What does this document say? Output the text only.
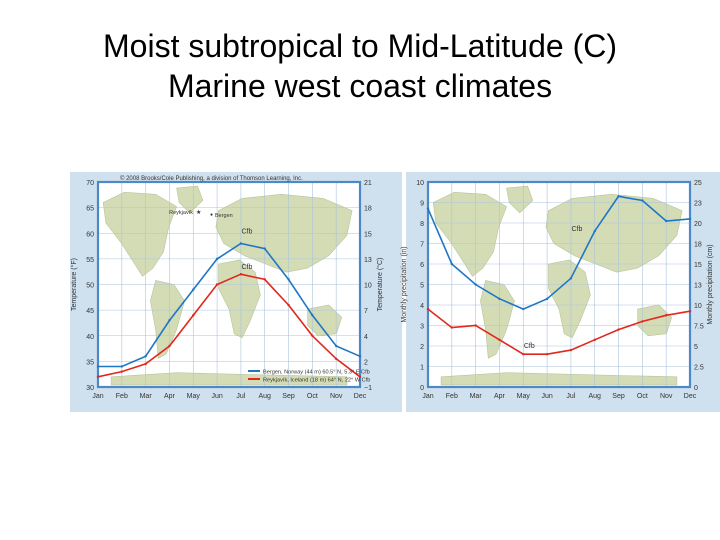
Moist subtropical to Mid-Latitude (C)
Marine west coast climates
30
35
40
45
50
55
60
65
70	21
18
15
13
10
7
4
2
−1
Jan Feb Mar Apr May Jun Jul Aug Sep Oct Nov Dec
Temperature (°F)	Temperature (°C)
Cfb
Cfb
0
1
2
3
4
5
6
7
8
9
10	25
23
20
18
15
13
10
7.5
5
2.5
0
Jan Feb Mar Apr May Jun Jul Aug Sep Oct Nov Dec
Monthly precipitation (in)	Monthly precipitation (cm)
Cfb
Cfb
© 2008 Brooks/Cole Publishing, a division of Thomson Learning, Inc.
Reykjavík ★ ● Bergen
Bergen, Norway (44 m) 60.5° N, 5.3° E Cfb
Reykjavík, Iceland (18 m) 64° N, 22° W Cfb
